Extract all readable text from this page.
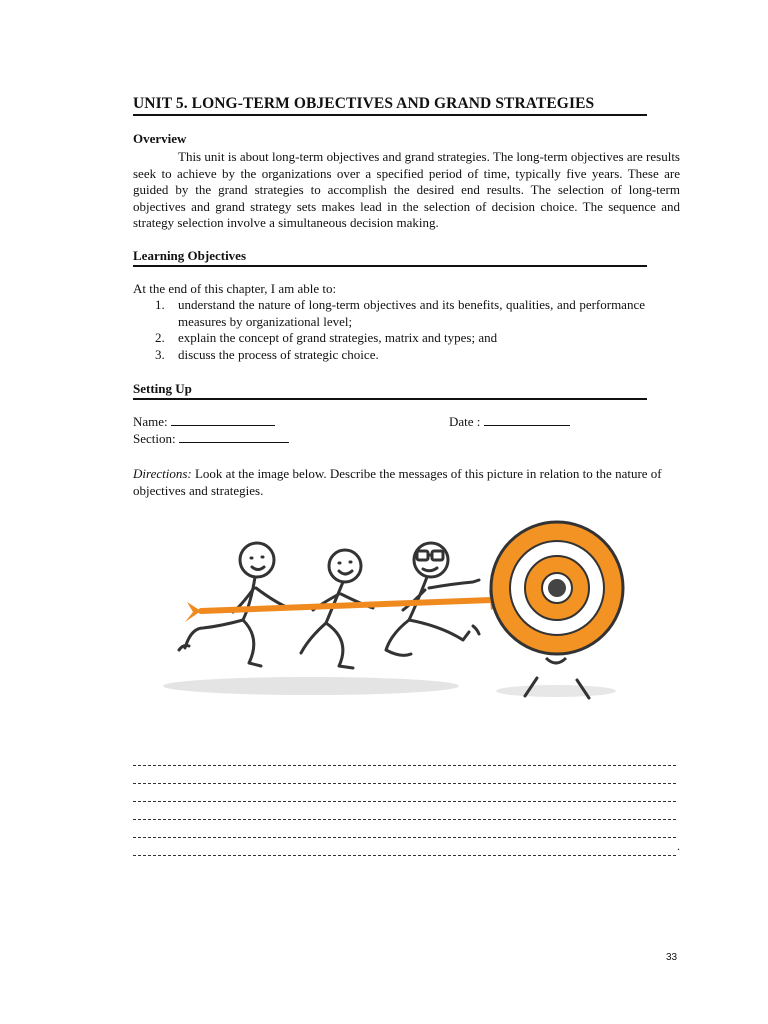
UNIT 5. LONG-TERM OBJECTIVES AND GRAND STRATEGIES
Overview
This unit is about long-term objectives and grand strategies. The long-term objectives are results seek to achieve by the organizations over a specified period of time, typically five years. These are guided by the grand strategies to accomplish the desired end results. The selection of long-term objectives and grand strategy sets makes lead in the selection of decision choice. The sequence and strategy selection involve a simultaneous decision making.
Learning Objectives
At the end of this chapter, I am able to:
1.	understand the nature of long-term objectives and its benefits, qualities, and performance measures by organizational level;
2.	explain the concept of grand strategies, matrix and types; and
3.	discuss the process of strategic choice.
Setting Up
Name:	Date :
Section:
Directions: Look at the image below. Describe the messages of this picture in relation to the nature of objectives and strategies.
.
33
